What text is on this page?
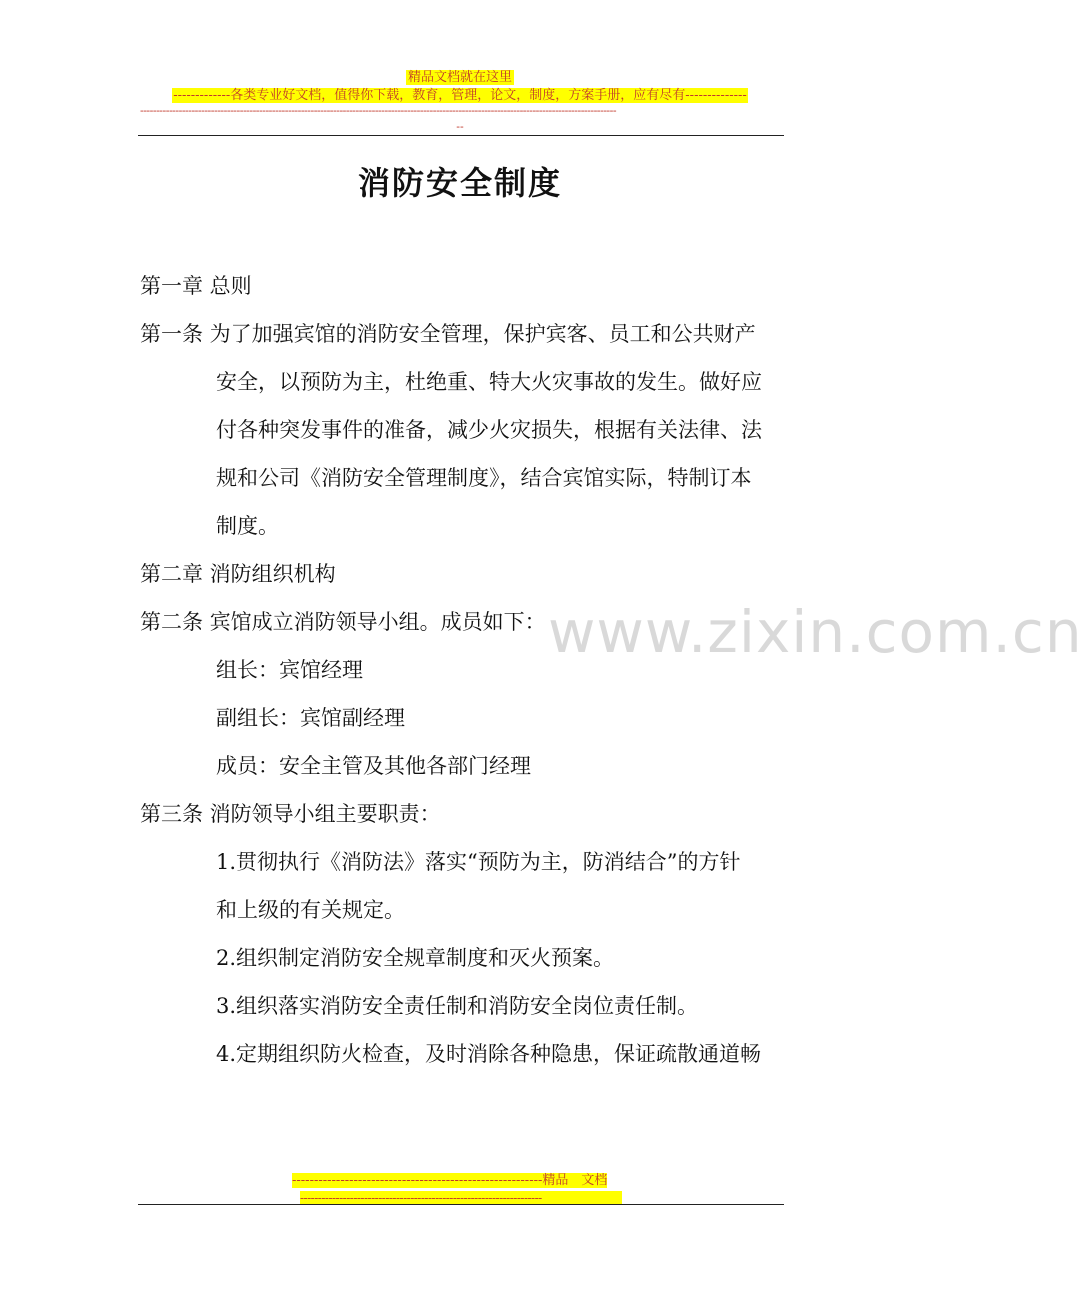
精品文档就在这里
-------------各类专业好文档，值得你下载，教育，管理，论文，制度，方案手册，应有尽有--------------
----------------------------------------------------------------------------------------------------------------------------------------------------
--
消防安全制度
第一章 总则
第一条 为了加强宾馆的消防安全管理，保护宾客、员工和公共财产
安全，以预防为主，杜绝重、特大火灾事故的发生。做好应
付各种突发事件的准备，减少火灾损失，根据有关法律、法
规和公司《消防安全管理制度》，结合宾馆实际，特制订本
制度。
第二章 消防组织机构
第二条 宾馆成立消防领导小组。成员如下：
组长：宾馆经理
副组长：宾馆副经理
成员：安全主管及其他各部门经理
第三条 消防领导小组主要职责：
1.贯彻执行《消防法》落实“预防为主，防消结合”的方针
和上级的有关规定。
2.组织制定消防安全规章制度和灭火预案。
3.组织落实消防安全责任制和消防安全岗位责任制。
4.定期组织防火检查，及时消除各种隐患，保证疏散通道畅
www.zixin.com.cn
---------------------------------------------------------精品　文档
--------------------------------------------------------------------
